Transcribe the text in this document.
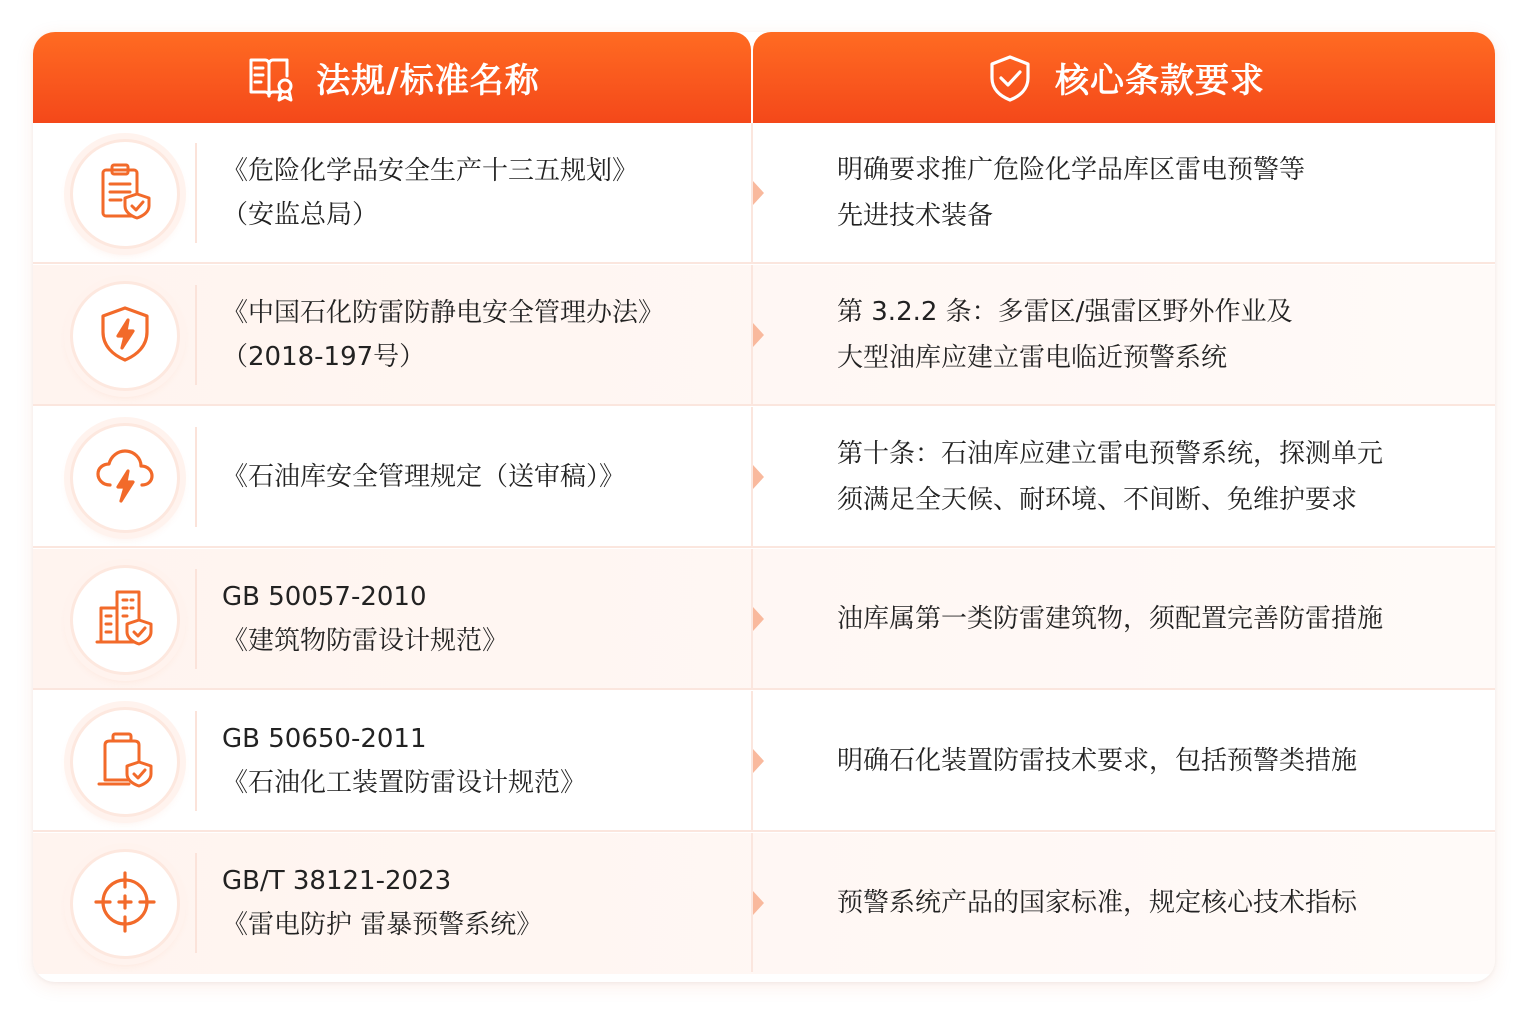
法规/标准名称	核心条款要求
《危险化学品安全生产十三五规划》
（安监总局）
明确要求推广危险化学品库区雷电预警等
先进技术装备
《中国石化防雷防静电安全管理办法》
（2018-197号）
第 3.2.2 条：多雷区/强雷区野外作业及
大型油库应建立雷电临近预警系统
《石油库安全管理规定（送审稿）》
第十条：石油库应建立雷电预警系统，探测单元
须满足全天候、耐环境、不间断、免维护要求
GB 50057-2010
《建筑物防雷设计规范》
油库属第一类防雷建筑物，须配置完善防雷措施
GB 50650-2011
《石油化工装置防雷设计规范》
明确石化装置防雷技术要求，包括预警类措施
GB/T 38121-2023
《雷电防护 雷暴预警系统》
预警系统产品的国家标准，规定核心技术指标
